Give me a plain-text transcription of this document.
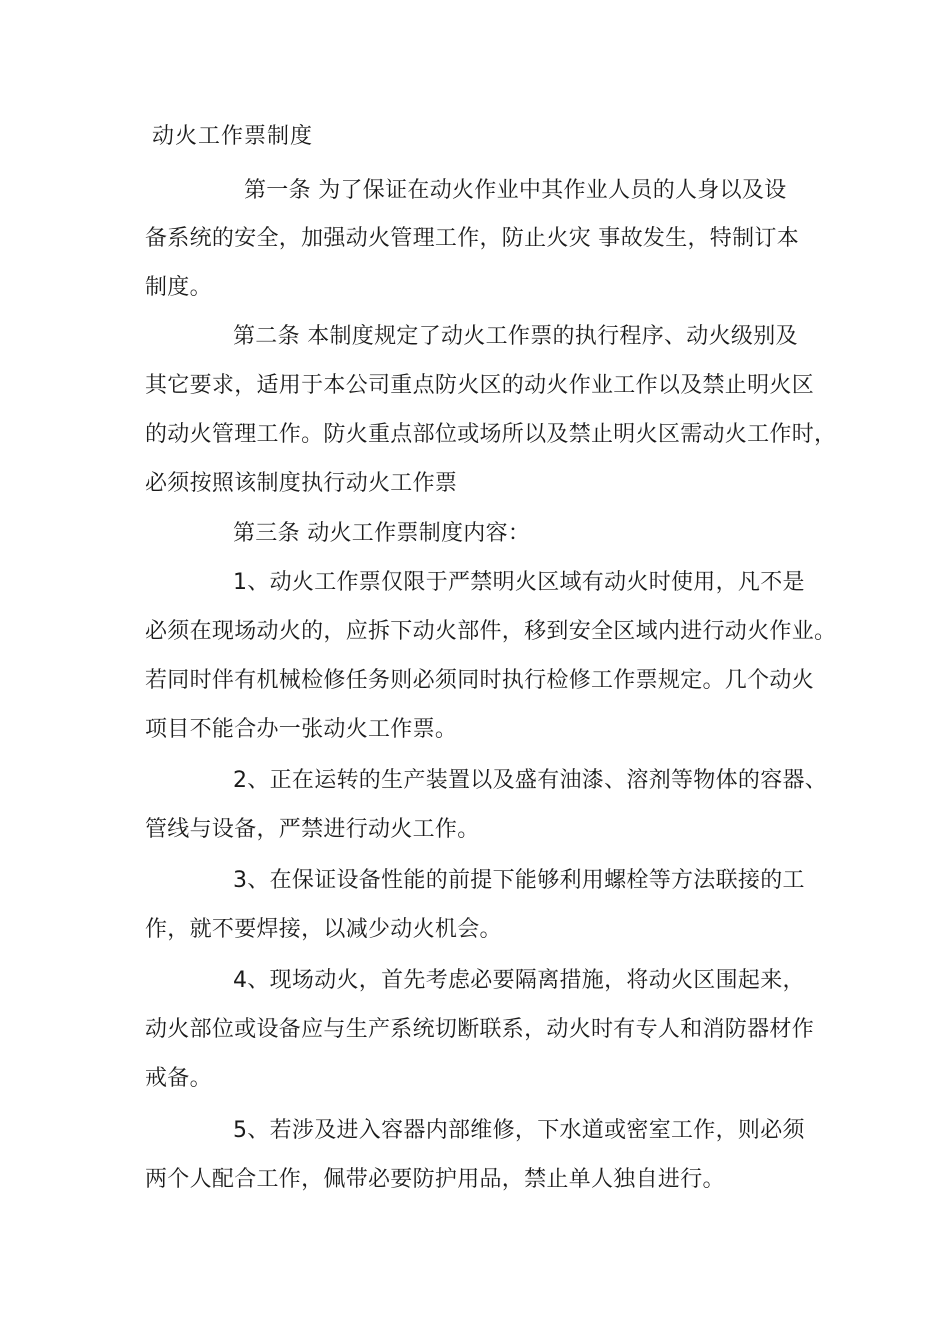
动火工作票制度
第一条 为了保证在动火作业中其作业人员的人身以及设
备系统的安全，加强动火管理工作，防止火灾 事故发生，特制订本
制度。
第二条 本制度规定了动火工作票的执行程序、动火级别及
其它要求，适用于本公司重点防火区的动火作业工作以及禁止明火区
的动火管理工作。防火重点部位或场所以及禁止明火区需动火工作时，
必须按照该制度执行动火工作票
第三条 动火工作票制度内容：
1、动火工作票仅限于严禁明火区域有动火时使用，凡不是
必须在现场动火的，应拆下动火部件，移到安全区域内进行动火作业。
若同时伴有机械检修任务则必须同时执行检修工作票规定。几个动火
项目不能合办一张动火工作票。
2、正在运转的生产装置以及盛有油漆、溶剂等物体的容器、
管线与设备，严禁进行动火工作。
3、在保证设备性能的前提下能够利用螺栓等方法联接的工
作，就不要焊接，以减少动火机会。
4、现场动火，首先考虑必要隔离措施，将动火区围起来，
动火部位或设备应与生产系统切断联系，动火时有专人和消防器材作
戒备。
5、若涉及进入容器内部维修，下水道或密室工作，则必须
两个人配合工作，佩带必要防护用品，禁止单人独自进行。
